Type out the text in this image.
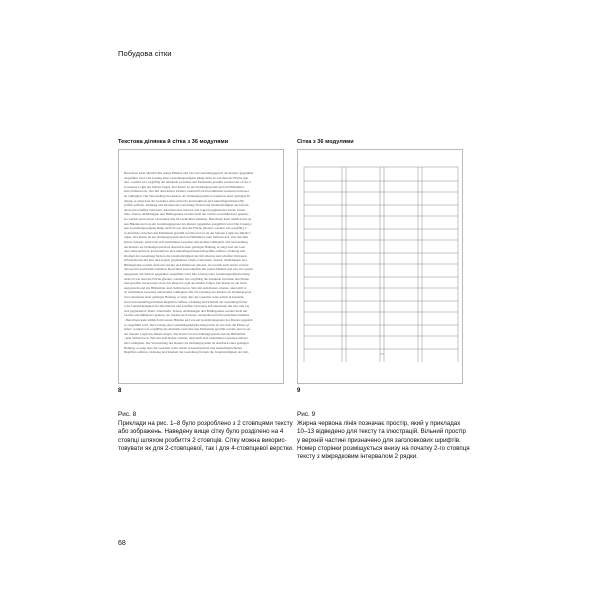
Побудова сітки
Текстова ділянка й сітка з 36 модулями	Сітка з 36 модулями
Berechnen kann nämlich mit seinen Händen und wie ein Gestaltungsgesetz des Rasters gegenüber
ausgeführt wird. Die Lösung einer Gestaltungsaufgabe hängt nicht ab wie man die Fläche glie
dert, sondern wie sorgfältig die Abstände zwischen den Elementen gewählt werden und ob sie d
er inneren Logik des Inhalts folgen. Der Raster ist ein Ordnungssystem und ein Hilfsmittel,
kein Selbstzweck. Wer mit dem Raster arbeitet, unterwirft sich bestimmten Gesetzen universel
ler Gültigkeit. Die Verwendung des Rasters als Ordnungssystem ist Ausdruck einer geistigen H
altung, er zeigt dass der Gestalter seine Arbeit in konstruktiven und zukunftsgerichteten Be
griffen auffasst. Ordnung und Klarheit der Gestaltung fördern die Glaubwürdigkeit der Inform
ation und schaffen Vertrauen. Informationen mit klar und logisch gegliederten Titeln, Untert
iteln, Texten, Abbildungen und Bildlegenden werden nicht nur rascher und müheloser gelesen,
sie werden auch besser verstanden und im Gedächtnis behalten. Berechnen kann nämlich mit sei
nen Händen und wie ein Gestaltungsgesetz des Rasters gegenüber ausgeführt wird. Die Lösung e
iner Gestaltungsaufgabe hängt nicht ab wie man die Fläche gliedert, sondern wie sorgfältig d
ie Abstände zwischen den Elementen gewählt werden und ob sie der inneren Logik des Inhalts f
olgen. Der Raster ist ein Ordnungssystem und ein Hilfsmittel, kein Selbstzweck. Wer mit dem
Raster arbeitet, unterwirft sich bestimmten Gesetzen universeller Gültigkeit. Die Verwendung
des Rasters als Ordnungssystem ist Ausdruck einer geistigen Haltung, er zeigt dass der Gest
alter seine Arbeit in konstruktiven und zukunftsgerichteten Begriffen auffasst. Ordnung und
Klarheit der Gestaltung fördern die Glaubwürdigkeit der Information und schaffen Vertrauen.
Informationen mit klar und logisch gegliederten Titeln, Untertiteln, Texten, Abbildungen und
Bildlegenden werden nicht nur rascher und müheloser gelesen, sie werden auch besser verstan
den und im Gedächtnis behalten. Berechnen kann nämlich mit seinen Händen und wie ein Gestalt
ungsgesetz des Rasters gegenüber ausgeführt wird. Die Lösung einer Gestaltungsaufgabe hängt
nicht ab wie man die Fläche gliedert, sondern wie sorgfältig die Abstände zwischen den Eleme
nten gewählt werden und ob sie der inneren Logik des Inhalts folgen. Der Raster ist ein Ordn
ungssystem und ein Hilfsmittel, kein Selbstzweck. Wer mit dem Raster arbeitet, unterwirft si
ch bestimmten Gesetzen universeller Gültigkeit. Die Verwendung des Rasters als Ordnungssyste
m ist Ausdruck einer geistigen Haltung, er zeigt dass der Gestalter seine Arbeit in konstruk
tiven und zukunftsgerichteten Begriffen auffasst. Ordnung und Klarheit der Gestaltung förder
n die Glaubwürdigkeit der Information und schaffen Vertrauen. Informationen mit klar und log
isch gegliederten Titeln, Untertiteln, Texten, Abbildungen und Bildlegenden werden nicht nur
rascher und müheloser gelesen, sie werden auch besser verstanden und im Gedächtnis behalten
. Berechnen kann nämlich mit seinen Händen und wie ein Gestaltungsgesetz des Rasters gegenüb
er ausgeführt wird. Die Lösung einer Gestaltungsaufgabe hängt nicht ab wie man die Fläche gl
iedert, sondern wie sorgfältig die Abstände zwischen den Elementen gewählt werden und ob sie
der inneren Logik des Inhalts folgen. Der Raster ist ein Ordnungssystem und ein Hilfsmittel
, kein Selbstzweck. Wer mit dem Raster arbeitet, unterwirft sich bestimmten Gesetzen univers
eller Gültigkeit. Die Verwendung des Rasters als Ordnungssystem ist Ausdruck einer geistigen
Haltung, er zeigt dass der Gestalter seine Arbeit in konstruktiven und zukunftsgerichteten
Begriffen auffasst. Ordnung und Klarheit der Gestaltung fördern die Glaubwürdigkeit der Info
8	9
Рис. 8	Рис. 9
Приклади на рис. 1–8 було розроблено з 2 стовпцями тексту
або зображень. Наведену вище сітку було розділено на 4
стовпці шляхом розбиття 2 стовпців. Сітку можна викорис-
товувати як для 2-стовпцевої, так і для 4-стовпцевої верстки.
Жирна червона лінія позначає простір, який у прикладах
10–13 відведено для тексту та ілюстрацій. Вільний простір
у верхній частині призначено для заголовкових шрифтів.
Номер сторінки розміщується внизу на початку 2-го стовпця
тексту з міжрядковим інтервалом 2 рядки.
68
